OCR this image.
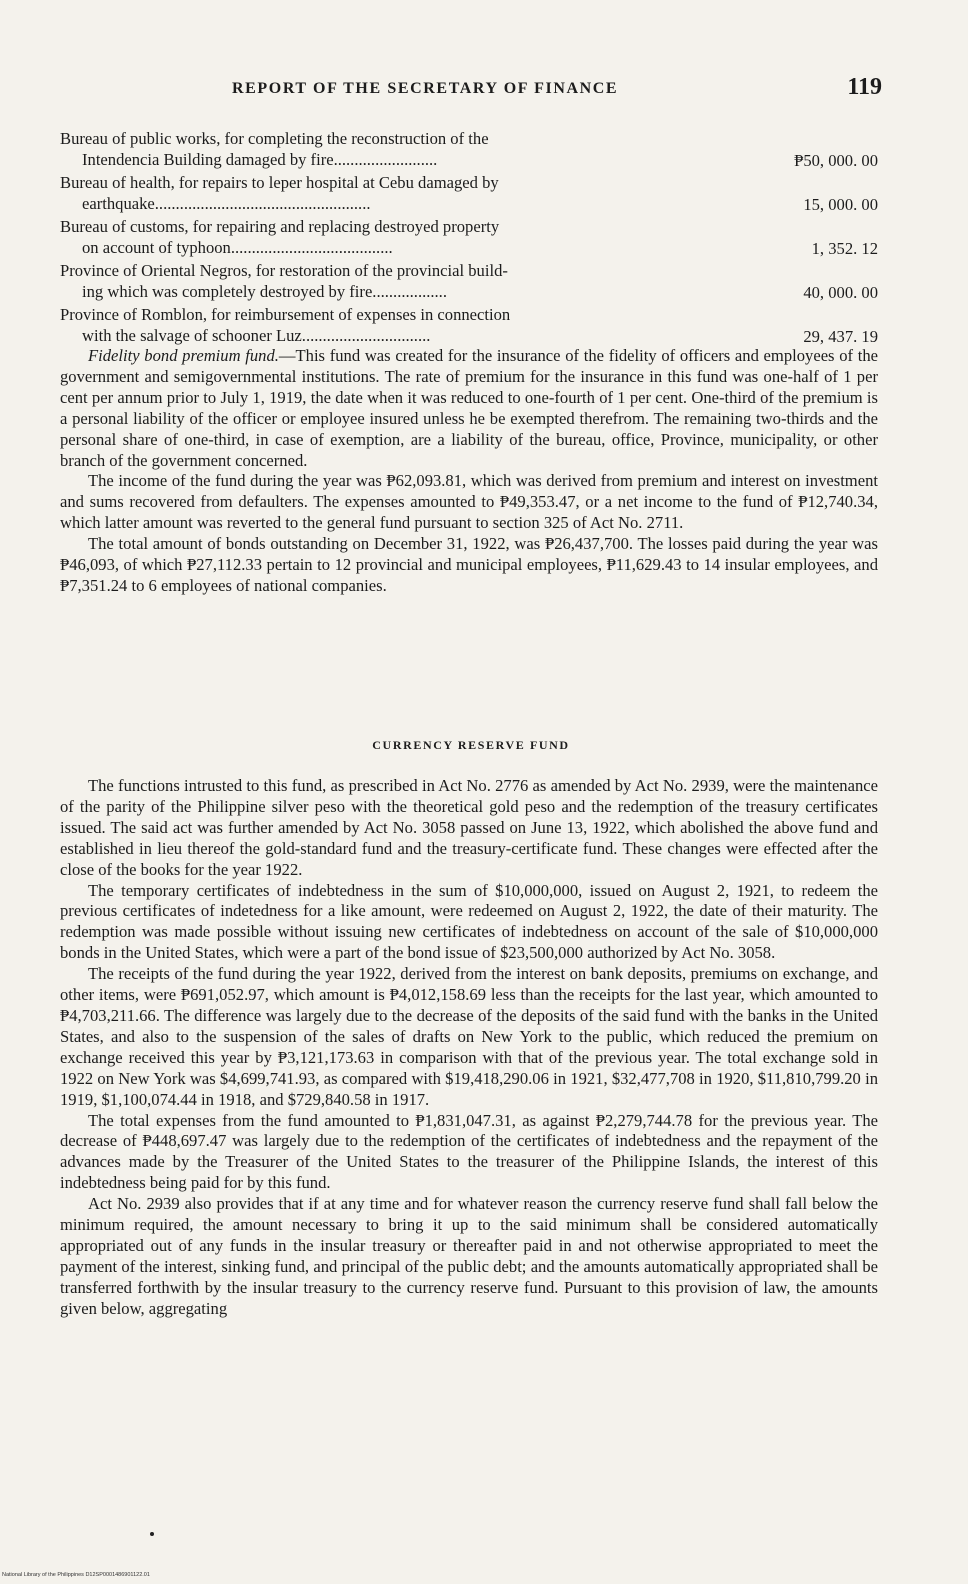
REPORT OF THE SECRETARY OF FINANCE	119
Bureau of public works, for completing the reconstruction of the
Intendencia Building damaged by fire.........................	₱50, 000. 00
Bureau of health, for repairs to leper hospital at Cebu damaged by
earthquake....................................................	15, 000. 00
Bureau of customs, for repairing and replacing destroyed property
on account of typhoon.......................................	1, 352. 12
Province of Oriental Negros, for restoration of the provincial build-
ing which was completely destroyed by fire..................	40, 000. 00
Province of Romblon, for reimbursement of expenses in connection
with the salvage of schooner Luz...............................	29, 437. 19

Fidelity bond premium fund.—This fund was created for the insurance of the fidelity of officers and employees of the government and semigovernmental institutions. The rate of premium for the insurance in this fund was one-half of 1 per cent per annum prior to July 1, 1919, the date when it was reduced to one-fourth of 1 per cent. One-third of the premium is a personal liability of the officer or employee insured unless he be exempted therefrom. The remaining two-thirds and the personal share of one-third, in case of exemption, are a liability of the bureau, office, Province, municipality, or other branch of the government concerned.

The income of the fund during the year was ₱62,093.81, which was derived from premium and interest on investment and sums recovered from defaulters. The expenses amounted to ₱49,353.47, or a net income to the fund of ₱12,740.34, which latter amount was reverted to the general fund pursuant to section 325 of Act No. 2711.

The total amount of bonds outstanding on December 31, 1922, was ₱26,437,700. The losses paid during the year was ₱46,093, of which ₱27,112.33 pertain to 12 provincial and municipal employees, ₱11,629.43 to 14 insular employees, and ₱7,351.24 to 6 employees of national companies.

CURRENCY RESERVE FUND

The functions intrusted to this fund, as prescribed in Act No. 2776 as amended by Act No. 2939, were the maintenance of the parity of the Philippine silver peso with the theoretical gold peso and the redemption of the treasury certificates issued. The said act was further amended by Act No. 3058 passed on June 13, 1922, which abolished the above fund and established in lieu thereof the gold-standard fund and the treasury-certificate fund. These changes were effected after the close of the books for the year 1922.

The temporary certificates of indebtedness in the sum of $10,000,000, issued on August 2, 1921, to redeem the previous certificates of indetedness for a like amount, were redeemed on August 2, 1922, the date of their maturity. The redemption was made possible without issuing new certificates of indebtedness on account of the sale of $10,000,000 bonds in the United States, which were a part of the bond issue of $23,500,000 authorized by Act No. 3058.

The receipts of the fund during the year 1922, derived from the interest on bank deposits, premiums on exchange, and other items, were ₱691,052.97, which amount is ₱4,012,158.69 less than the receipts for the last year, which amounted to ₱4,703,211.66. The difference was largely due to the decrease of the deposits of the said fund with the banks in the United States, and also to the suspension of the sales of drafts on New York to the public, which reduced the premium on exchange received this year by ₱3,121,173.63 in comparison with that of the previous year. The total exchange sold in 1922 on New York was $4,699,741.93, as compared with $19,418,290.06 in 1921, $32,477,708 in 1920, $11,810,799.20 in 1919, $1,100,074.44 in 1918, and $729,840.58 in 1917.

The total expenses from the fund amounted to ₱1,831,047.31, as against ₱2,279,744.78 for the previous year. The decrease of ₱448,697.47 was largely due to the redemption of the certificates of indebtedness and the repayment of the advances made by the Treasurer of the United States to the treasurer of the Philippine Islands, the interest of this indebtedness being paid for by this fund.

Act No. 2939 also provides that if at any time and for whatever reason the currency reserve fund shall fall below the minimum required, the amount necessary to bring it up to the said minimum shall be considered automatically appropriated out of any funds in the insular treasury or thereafter paid in and not otherwise appropriated to meet the payment of the interest, sinking fund, and principal of the public debt; and the amounts automatically appropriated shall be transferred forthwith by the insular treasury to the currency reserve fund. Pursuant to this provision of law, the amounts given below, aggregating

National Library of the Philippines D12SP0001486901122.01
